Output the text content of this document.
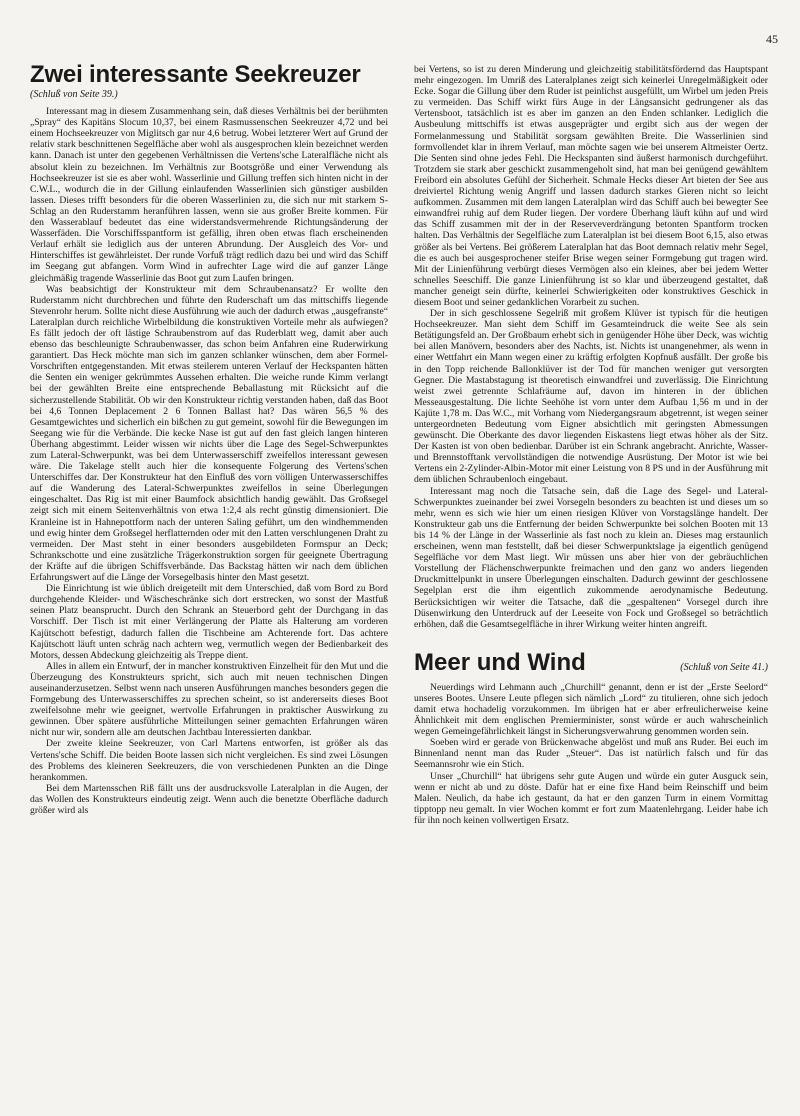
45
Zwei interessante Seekreuzer
(Schluß von Seite 39.)

Interessant mag in diesem Zusammenhang sein, daß dieses Verhältnis bei der berühmten „Spray“ des Kapitäns Slocum 10,37, bei einem Rasmussenschen Seekreuzer 4,72 und bei einem Hochseekreuzer von Miglitsch gar nur 4,6 betrug. Wobei letzterer Wert auf Grund der relativ stark beschnittenen Segelfläche aber wohl als ausgesprochen klein bezeichnet werden kann. Danach ist unter den gegebenen Verhältnissen die Vertens'sche Lateralfläche nicht als absolut klein zu bezeichnen. Im Verhältnis zur Bootsgröße und einer Verwendung als Hochseekreuzer ist sie es aber wohl. Wasserlinie und Gillung treffen sich hinten nicht in der C.W.L., wodurch die in der Gillung einlaufenden Wasserlinien sich günstiger ausbilden lassen. Dieses trifft besonders für die oberen Wasserlinien zu, die sich nur mit starkem S-Schlag an den Ruderstamm heranführen lassen, wenn sie aus großer Breite kommen. Für den Wasserablauf bedeutet das eine widerstandsvermehrende Richtungsänderung der Wasserfäden. Die Vorschiffsspantform ist gefällig, ihren oben etwas flach erscheinenden Verlauf erhält sie lediglich aus der unteren Abrundung. Der Ausgleich des Vor- und Hinterschiffes ist gewährleistet. Der runde Vorfuß trägt redlich dazu bei und wird das Schiff im Seegang gut abfangen. Vorm Wind in aufrechter Lage wird die auf ganzer Länge gleichmäßig tragende Wasserlinie das Boot gut zum Laufen bringen.

Was beabsichtigt der Konstrukteur mit dem Schraubenansatz? Er wollte den Ruderstamm nicht durchbrechen und führte den Ruderschaft um das mittschiffs liegende Stevenrohr herum. Sollte nicht diese Ausführung wie auch der dadurch etwas „ausgefranste“ Lateralplan durch reichliche Wirbelbildung die konstruktiven Vorteile mehr als aufwiegen? Es fällt jedoch der oft lästige Schraubenstrom auf das Ruderblatt weg, damit aber auch ebenso das beschleunigte Schraubenwasser, das schon beim Anfahren eine Ruderwirkung garantiert. Das Heck möchte man sich im ganzen schlanker wünschen, dem aber Formel-Vorschriften entgegenstanden. Mit etwas steilerem unteren Verlauf der Heckspanten hätten die Senten ein weniger gekrümmtes Aussehen erhalten. Die weiche runde Kimm verlangt bei der gewählten Breite eine entsprechende Beballastung mit Rücksicht auf die sicherzustellende Stabilität. Ob wir den Konstrukteur richtig verstanden haben, daß das Boot bei 4,6 Tonnen Deplacement 2 6 Tonnen Ballast hat? Das wären 56,5 % des Gesamtgewichtes und sicherlich ein bißchen zu gut gemeint, sowohl für die Bewegungen im Seegang wie für die Verbände. Die kecke Nase ist gut auf den fast gleich langen hinteren Überhang abgestimmt. Leider wissen wir nichts über die Lage des Segel-Schwerpunktes zum Lateral-Schwerpunkt, was bei dem Unterwasserschiff zweifellos interessant gewesen wäre. Die Takelage stellt auch hier die konsequente Folgerung des Vertens'schen Unterschiffes dar. Der Konstrukteur hat den Einfluß des vorn völligen Unterwasserschiffes auf die Wanderung des Lateral-Schwerpunktes zweifellos in seine Überlegungen eingeschaltet. Das Rig ist mit einer Baumfock absichtlich handig gewählt. Das Großsegel zeigt sich mit einem Seitenverhältnis von etwa 1:2,4 als recht günstig dimensioniert. Die Kranleine ist in Hahnepottform nach der unteren Saling geführt, um den windhemmenden und ewig hinter dem Großsegel herflatternden oder mit den Latten verschlungenen Draht zu vermeiden. Der Mast steht in einer besonders ausgebildeten Formspur an Deck; Schrankschotte und eine zusätzliche Trägerkonstruktion sorgen für geeignete Übertragung der Kräfte auf die übrigen Schiffsverbände. Das Backstag hätten wir nach dem üblichen Erfahrungswert auf die Länge der Vorsegelbasis hinter den Mast gesetzt.

Die Einrichtung ist wie üblich dreigeteilt mit dem Unterschied, daß vom Bord zu Bord durchgehende Kleider- und Wäscheschränke sich dort erstrecken, wo sonst der Mastfuß seinen Platz beansprucht. Durch den Schrank an Steuerbord geht der Durchgang in das Vorschiff. Der Tisch ist mit einer Verlängerung der Platte als Halterung am vorderen Kajütschott befestigt, dadurch fallen die Tischbeine am Achterende fort. Das achtere Kajütschott läuft unten schräg nach achtern weg, vermutlich wegen der Bedienbarkeit des Motors, dessen Abdeckung gleichzeitig als Treppe dient.

Alles in allem ein Entwurf, der in mancher konstruktiven Einzelheit für den Mut und die Überzeugung des Konstrukteurs spricht, sich auch mit neuen technischen Dingen auseinanderzusetzen. Selbst wenn nach unseren Ausführungen manches besonders gegen die Formgebung des Unterwasserschiffes zu sprechen scheint, so ist andererseits dieses Boot zweifelsohne mehr wie geeignet, wertvolle Erfahrungen in praktischer Auswirkung zu gewinnen. Über spätere ausführliche Mitteilungen seiner gemachten Erfahrungen wären nicht nur wir, sondern alle am deutschen Jachtbau Interessierten dankbar.

Der zweite kleine Seekreuzer, von Carl Martens entworfen, ist größer als das Vertens'sche Schiff. Die beiden Boote lassen sich nicht vergleichen. Es sind zwei Lösungen des Problems des kleineren Seekreuzers, die von verschiedenen Punkten an die Dinge herankommen.

Bei dem Martensschen Riß fällt uns der ausdrucksvolle Lateralplan in die Augen, der das Wollen des Konstrukteurs eindeutig zeigt. Wenn auch die benetzte Oberfläche dadurch größer wird als

bei Vertens, so ist zu deren Minderung und gleichzeitig stabilitätsfördernd das Hauptspant mehr eingezogen. Im Umriß des Lateralplanes zeigt sich keinerlei Unregelmäßigkeit oder Ecke. Sogar die Gillung über dem Ruder ist peinlichst ausgefüllt, um Wirbel um jeden Preis zu vermeiden. Das Schiff wirkt fürs Auge in der Längsansicht gedrungener als das Vertensboot, tatsächlich ist es aber im ganzen an den Enden schlanker. Lediglich die Ausbeulung mittschiffs ist etwas ausgeprägter und ergibt sich aus der wegen der Formelanmessung und Stabilität sorgsam gewählten Breite. Die Wasserlinien sind formvollendet klar in ihrem Verlauf, man möchte sagen wie bei unserem Altmeister Oertz. Die Senten sind ohne jedes Fehl. Die Heckspanten sind äußerst harmonisch durchgeführt. Trotzdem sie stark aber geschickt zusammengeholt sind, hat man bei genügend gewähltem Freibord ein absolutes Gefühl der Sicherheit. Schmale Hecks dieser Art bieten der See aus dreiviertel Richtung wenig Angriff und lassen dadurch starkes Gieren nicht so leicht aufkommen. Zusammen mit dem langen Lateralplan wird das Schiff auch bei bewegter See einwandfrei ruhig auf dem Ruder liegen. Der vordere Überhang läuft kühn auf und wird das Schiff zusammen mit der in der Reserveverdrängung betonten Spantform trocken halten. Das Verhältnis der Segelfläche zum Lateralplan ist bei diesem Boot 6,15, also etwas größer als bei Vertens. Bei größerem Lateralplan hat das Boot demnach relativ mehr Segel, die es auch bei ausgesprochener steifer Brise wegen seiner Formgebung gut tragen wird. Mit der Linienführung verbürgt dieses Vermögen also ein kleines, aber bei jedem Wetter schnelles Seeschiff. Die ganze Linienführung ist so klar und überzeugend gestaltet, daß mancher geneigt sein dürfte, keinerlei Schwierigkeiten oder konstruktives Geschick in diesem Boot und seiner gedanklichen Vorarbeit zu suchen.

Der in sich geschlossene Segelriß mit großem Klüver ist typisch für die heutigen Hochseekreuzer. Man sieht dem Schiff im Gesamteindruck die weite See als sein Betätigungsfeld an. Der Großbaum erhebt sich in genügender Höhe über Deck, was wichtig bei allen Manövern, besonders aber des Nachts, ist. Nichts ist unangenehmer, als wenn in einer Wettfahrt ein Mann wegen einer zu kräftig erfolgten Kopfnuß ausfällt. Der große bis in den Topp reichende Ballonklüver ist der Tod für manchen weniger gut versorgten Gegner. Die Mastabstagung ist theoretisch einwandfrei und zuverlässig. Die Einrichtung weist zwei getrennte Schlafräume auf, davon im hinteren in der üblichen Messeausgestaltung. Die lichte Seehöhe ist vorn unter dem Aufbau 1,56 m und in der Kajüte 1,78 m. Das W.C., mit Vorhang vom Niedergangsraum abgetrennt, ist wegen seiner untergeordneten Bedeutung vom Eigner absichtlich mit geringsten Abmessungen gewünscht. Die Oberkante des davor liegenden Eiskastens liegt etwas höher als der Sitz. Der Kasten ist von oben bedienbar. Darüber ist ein Schrank angebracht. Anrichte, Wasser- und Brennstofftank vervollständigen die notwendige Ausrüstung. Der Motor ist wie bei Vertens ein 2-Zylinder-Albin-Motor mit einer Leistung von 8 PS und in der Ausführung mit dem üblichen Schraubenloch eingebaut.

Interessant mag noch die Tatsache sein, daß die Lage des Segel- und Lateral-Schwerpunktes zueinander bei zwei Vorsegeln besonders zu beachten ist und dieses um so mehr, wenn es sich wie hier um einen riesigen Klüver von Vorstagslänge handelt. Der Konstrukteur gab uns die Entfernung der beiden Schwerpunkte bei solchen Booten mit 13 bis 14 % der Länge in der Wasserlinie als fast noch zu klein an. Dieses mag erstaunlich erscheinen, wenn man feststellt, daß bei dieser Schwerpunktslage ja eigentlich genügend Segelfläche vor dem Mast liegt. Wir müssen uns aber hier von der gebräuchlichen Vorstellung der Flächenschwerpunkte freimachen und den ganz wo anders liegenden Druckmittelpunkt in unsere Überlegungen einschalten. Dadurch gewinnt der geschlossene Segelplan erst die ihm eigentlich zukommende aerodynamische Bedeutung. Berücksichtigen wir weiter die Tatsache, daß die „gespaltenen“ Vorsegel durch ihre Düsenwirkung den Unterdruck auf der Leeseite von Fock und Großsegel so beträchtlich erhöhen, daß die Gesamtsegelfläche in ihrer Wirkung weiter hinten angreift.

Meer und Wind	(Schluß von Seite 41.)

Neuerdings wird Lehmann auch „Churchill“ genannt, denn er ist der „Erste Seelord“ unseres Bootes. Unsere Leute pflegen sich nämlich „Lord“ zu titulieren, ohne sich jedoch damit etwa hochadelig vorzukommen. Im übrigen hat er aber erfreulicherweise keine Ähnlichkeit mit dem englischen Premierminister, sonst würde er auch wahrscheinlich wegen Gemeingefährlichkeit längst in Sicherungsverwahrung genommen worden sein.

Soeben wird er gerade von Brückenwache abgelöst und muß ans Ruder. Bei euch im Binnenland nennt man das Ruder „Steuer“. Das ist natürlich falsch und für das Seemannsrohr wie ein Stich.

Unser „Churchill“ hat übrigens sehr gute Augen und würde ein guter Ausguck sein, wenn er nicht ab und zu döste. Dafür hat er eine fixe Hand beim Reinschiff und beim Malen. Neulich, da habe ich gestaunt, da hat er den ganzen Turm in einem Vormittag tipptopp neu gemalt. In vier Wochen kommt er fort zum Maatenlehrgang. Leider habe ich für ihn noch keinen vollwertigen Ersatz.
